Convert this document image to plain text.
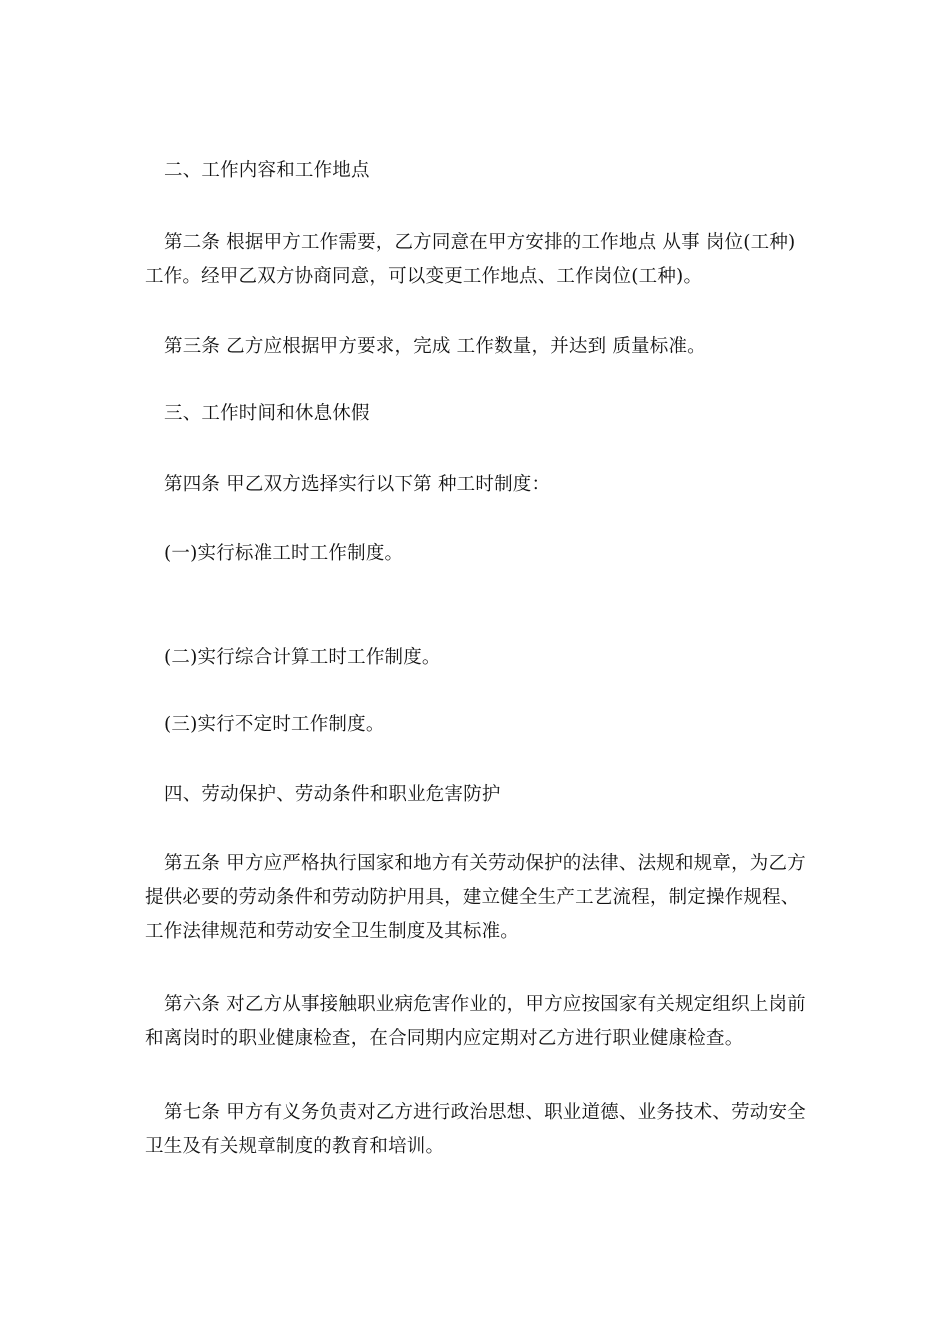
二、工作内容和工作地点

第二条 根据甲方工作需要，乙方同意在甲方安排的工作地点 从事 岗位(工种)工作。经甲乙双方协商同意，可以变更工作地点、工作岗位(工种)。

第三条 乙方应根据甲方要求，完成 工作数量，并达到 质量标准。

三、工作时间和休息休假

第四条 甲乙双方选择实行以下第 种工时制度：

(一)实行标准工时工作制度。

(二)实行综合计算工时工作制度。

(三)实行不定时工作制度。

四、劳动保护、劳动条件和职业危害防护

第五条 甲方应严格执行国家和地方有关劳动保护的法律、法规和规章，为乙方提供必要的劳动条件和劳动防护用具，建立健全生产工艺流程，制定操作规程、工作法律规范和劳动安全卫生制度及其标准。

第六条 对乙方从事接触职业病危害作业的，甲方应按国家有关规定组织上岗前和离岗时的职业健康检查，在合同期内应定期对乙方进行职业健康检查。

第七条 甲方有义务负责对乙方进行政治思想、职业道德、业务技术、劳动安全卫生及有关规章制度的教育和培训。
